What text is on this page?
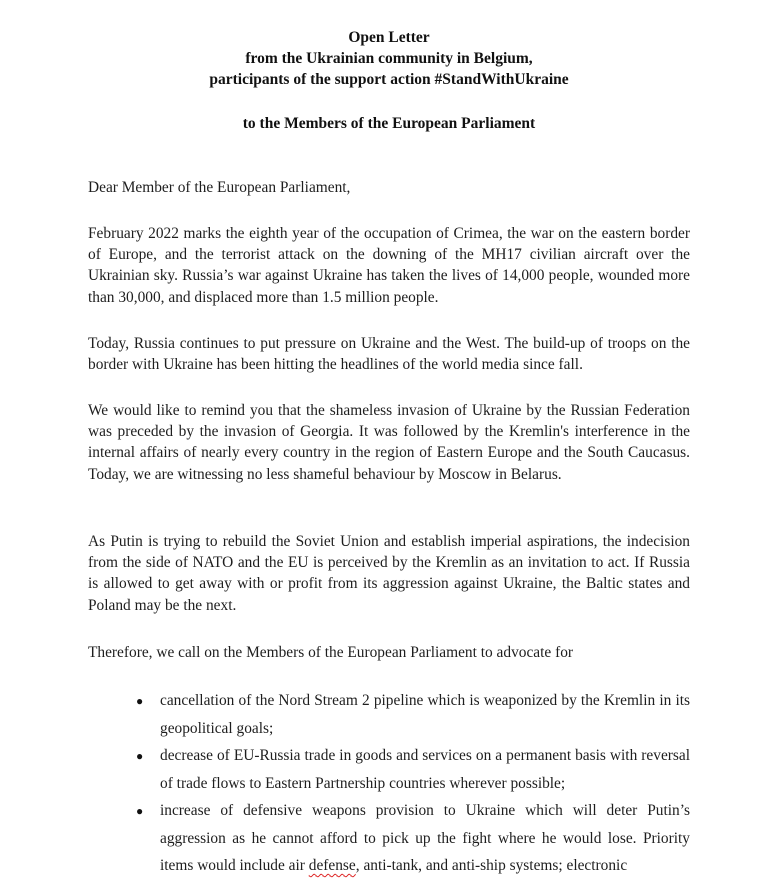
Open Letter
from the Ukrainian community in Belgium,
participants of the support action #StandWithUkraine
to the Members of the European Parliament
Dear Member of the European Parliament,
February 2022 marks the eighth year of the occupation of Crimea, the war on the eastern border of Europe, and the terrorist attack on the downing of the MH17 civilian aircraft over the Ukrainian sky. Russia’s war against Ukraine has taken the lives of 14,000 people, wounded more than 30,000, and displaced more than 1.5 million people.
Today, Russia continues to put pressure on Ukraine and the West. The build-up of troops on the border with Ukraine has been hitting the headlines of the world media since fall.
We would like to remind you that the shameless invasion of Ukraine by the Russian Federation was preceded by the invasion of Georgia. It was followed by the Kremlin's interference in the internal affairs of nearly every country in the region of Eastern Europe and the South Caucasus. Today, we are witnessing no less shameful behaviour by Moscow in Belarus.
As Putin is trying to rebuild the Soviet Union and establish imperial aspirations, the indecision from the side of NATO and the EU is perceived by the Kremlin as an invitation to act. If Russia is allowed to get away with or profit from its aggression against Ukraine, the Baltic states and Poland may be the next.
Therefore, we call on the Members of the European Parliament to advocate for
● cancellation of the Nord Stream 2 pipeline which is weaponized by the Kremlin in its geopolitical goals;
● decrease of EU-Russia trade in goods and services on a permanent basis with reversal of trade flows to Eastern Partnership countries wherever possible;
● increase of defensive weapons provision to Ukraine which will deter Putin’s aggression as he cannot afford to pick up the fight where he would lose. Priority items would include air defense, anti-tank, and anti-ship systems; electronic
